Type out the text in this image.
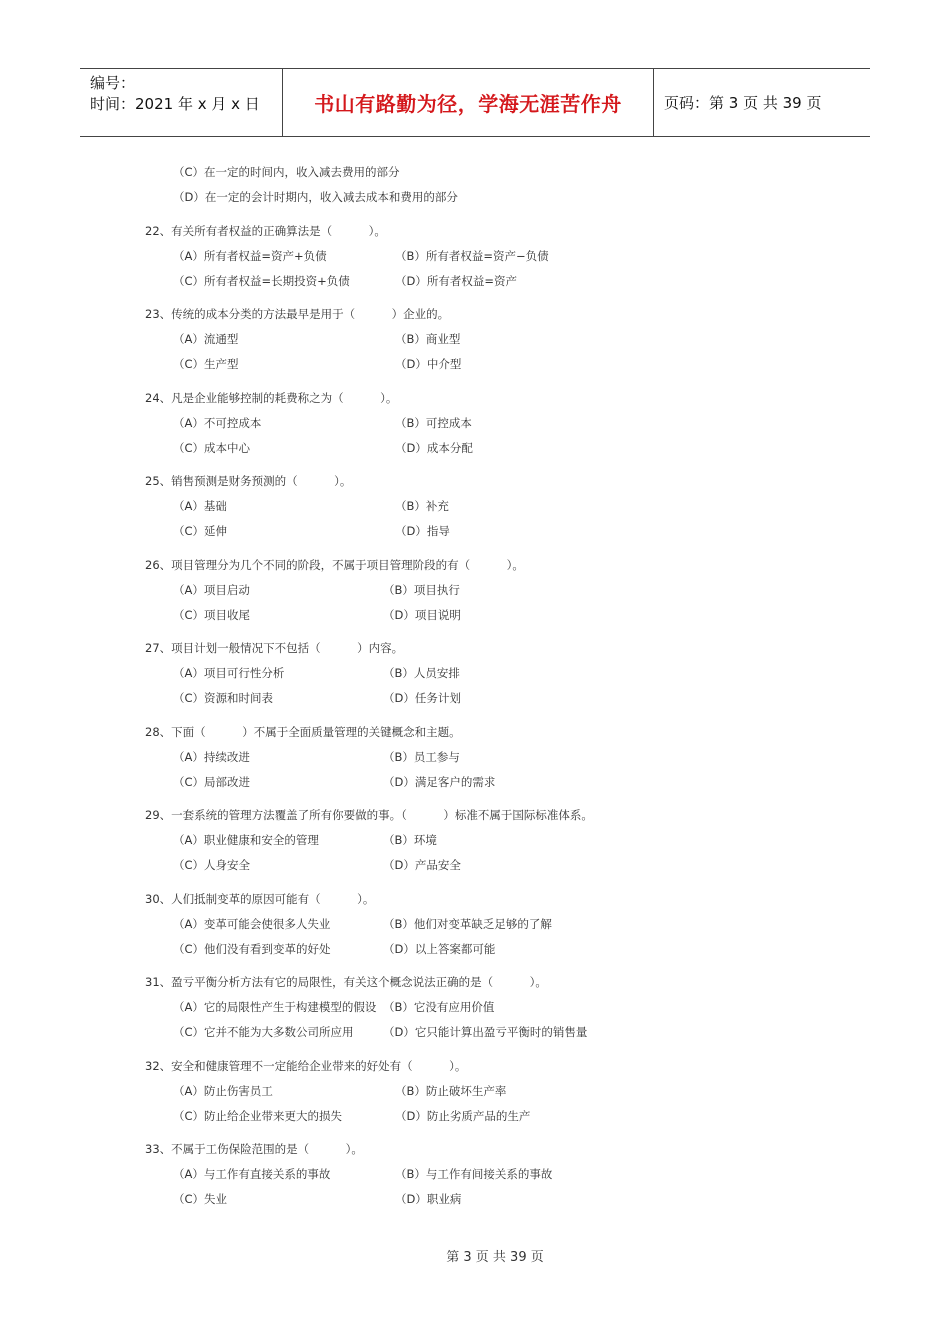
编号：
时间：2021 年 x 月 x 日	书山有路勤为径，学海无涯苦作舟	页码：第 3 页 共 39 页
（C）在一定的时间内，收入减去费用的部分
（D）在一定的会计时期内，收入减去成本和费用的部分
22、有关所有者权益的正确算法是（          ）。
（A）所有者权益=资产+负债	（B）所有者权益=资产−负债
（C）所有者权益=长期投资+负债	（D）所有者权益=资产
23、传统的成本分类的方法最早是用于（          ）企业的。
（A）流通型	（B）商业型
（C）生产型	（D）中介型
24、凡是企业能够控制的耗费称之为（          ）。
（A）不可控成本	（B）可控成本
（C）成本中心	（D）成本分配
25、销售预测是财务预测的（          ）。
（A）基础	（B）补充
（C）延伸	（D）指导
26、项目管理分为几个不同的阶段，不属于项目管理阶段的有（          ）。
（A）项目启动	（B）项目执行
（C）项目收尾	（D）项目说明
27、项目计划一般情况下不包括（          ）内容。
（A）项目可行性分析	（B）人员安排
（C）资源和时间表	（D）任务计划
28、下面（          ）不属于全面质量管理的关键概念和主题。
（A）持续改进	（B）员工参与
（C）局部改进	（D）满足客户的需求
29、一套系统的管理方法覆盖了所有你要做的事。（          ）标准不属于国际标准体系。
（A）职业健康和安全的管理	（B）环境
（C）人身安全	（D）产品安全
30、人们抵制变革的原因可能有（          ）。
（A）变革可能会使很多人失业	（B）他们对变革缺乏足够的了解
（C）他们没有看到变革的好处	（D）以上答案都可能
31、盈亏平衡分析方法有它的局限性，有关这个概念说法正确的是（          ）。
（A）它的局限性产生于构建模型的假设 （B）它没有应用价值
（C）它并不能为大多数公司所应用	（D）它只能计算出盈亏平衡时的销售量
32、安全和健康管理不一定能给企业带来的好处有（          ）。
（A）防止伤害员工	（B）防止破坏生产率
（C）防止给企业带来更大的损失	（D）防止劣质产品的生产
33、不属于工伤保险范围的是（          ）。
（A）与工作有直接关系的事故	（B）与工作有间接关系的事故
（C）失业	（D）职业病
第 3 页 共 39 页
